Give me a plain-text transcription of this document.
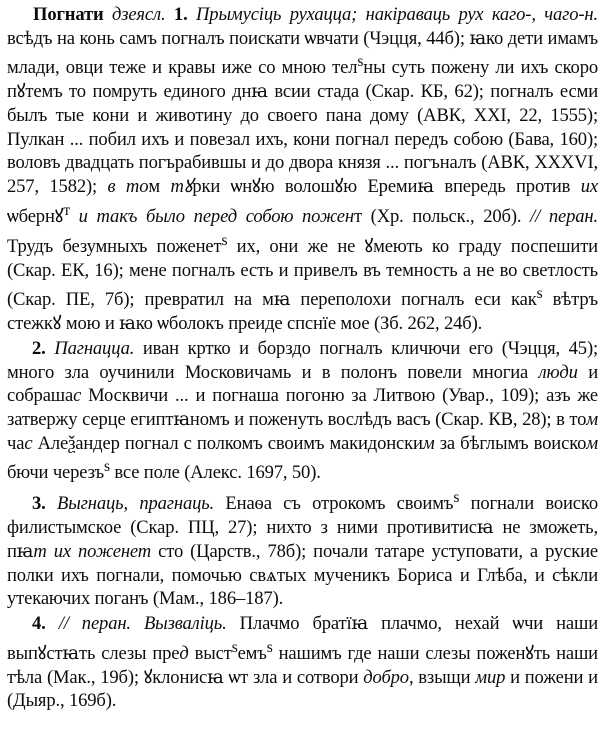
Погнати дзеясл. 1. Прымусіць рухацца; накіраваць рух каго-, чаго-н. всѣдъ на конь самъ погналъ поискати ѡвчати (Чэцця, 44б); ꙗко дети имамъ млади, овци теже и кравы иже со мною тел$^s$ны суть пожену ли ихъ скоро пꙋтемъ то помруть единого днꙗ всии стада (Скар. КБ, 62); погналъ есми былъ тые кони и животину до своего пана дому (АВК, XXI, 22, 1555); Пулкан ... побил ихъ и повезал ихъ, кони погнал передъ собою (Бава, 160); воловъ двадцать погърабившы и до двора князя ... погъналъ (АВК, XXXVI, 257, 1582); в том тꙋрки ѡнꙋю волошꙋю Еремиꙗ впередь против их ѡбернꙋ$^т$ и такъ было перед собою пожент (Хр. польск., 20б). // перан. Трудъ безумныхъ поженет$^s$ их, они же не ꙋмеють ко граду поспешити (Скар. ЕК, 16); мене погналъ есть и привелъ въ темность а не во светлость (Скар. ПЕ, 7б); превратил на мꙗ переполохи погналъ еси как$^s$ вѣтръ стежкꙋ мою и ꙗко ѡболокъ преиде спснїе мое (Зб. 262, 24б).

2. Пагнацца. иван кртко и борздо погналъ кличючи его (Чэцця, 45); многo зла оучинили Московичамь и в полонъ повели многиа люди и собрашас Москвичи ... и погнаша погоню за Литвою (Увар., 109); азъ же затвержу серце египтꙗномъ и поженуть вослѣдъ васъ (Скар. КВ, 28); в том час Алеѯандер погнал с полкомъ своимъ макидонским за бѣглымъ воиском бючи черезъ$^s$ все поле (Алекс. 1697, 50).

3. Выгнаць, прагнаць. Енаѳа съ отрокомъ своимъ$^s$ погнали воиско филистымское (Скар. ПЦ, 27); нихто з ними противитисꙗ не зможеть, пꙗт их поженет сто (Царств., 78б); почали татаре уступовати, а руские полки ихъ погнали, помочью свѧтых мученикъ Бориса и Глѣба, и сѣкли утекаючих поганъ (Мам., 186–187).

4. // перан. Вызваліць. Плачмо братїꙗ плачмо, нехай ѡчи наши выпꙋстꙗть слезы пред выст$^s$емъ$^s$ нашимъ где наши слезы поженꙋть наши тѣла (Мак., 19б); ꙋклонисꙗ ѡт зла и сотвори добро, взыщи мир и пожени и (Дыяр., 169б).
